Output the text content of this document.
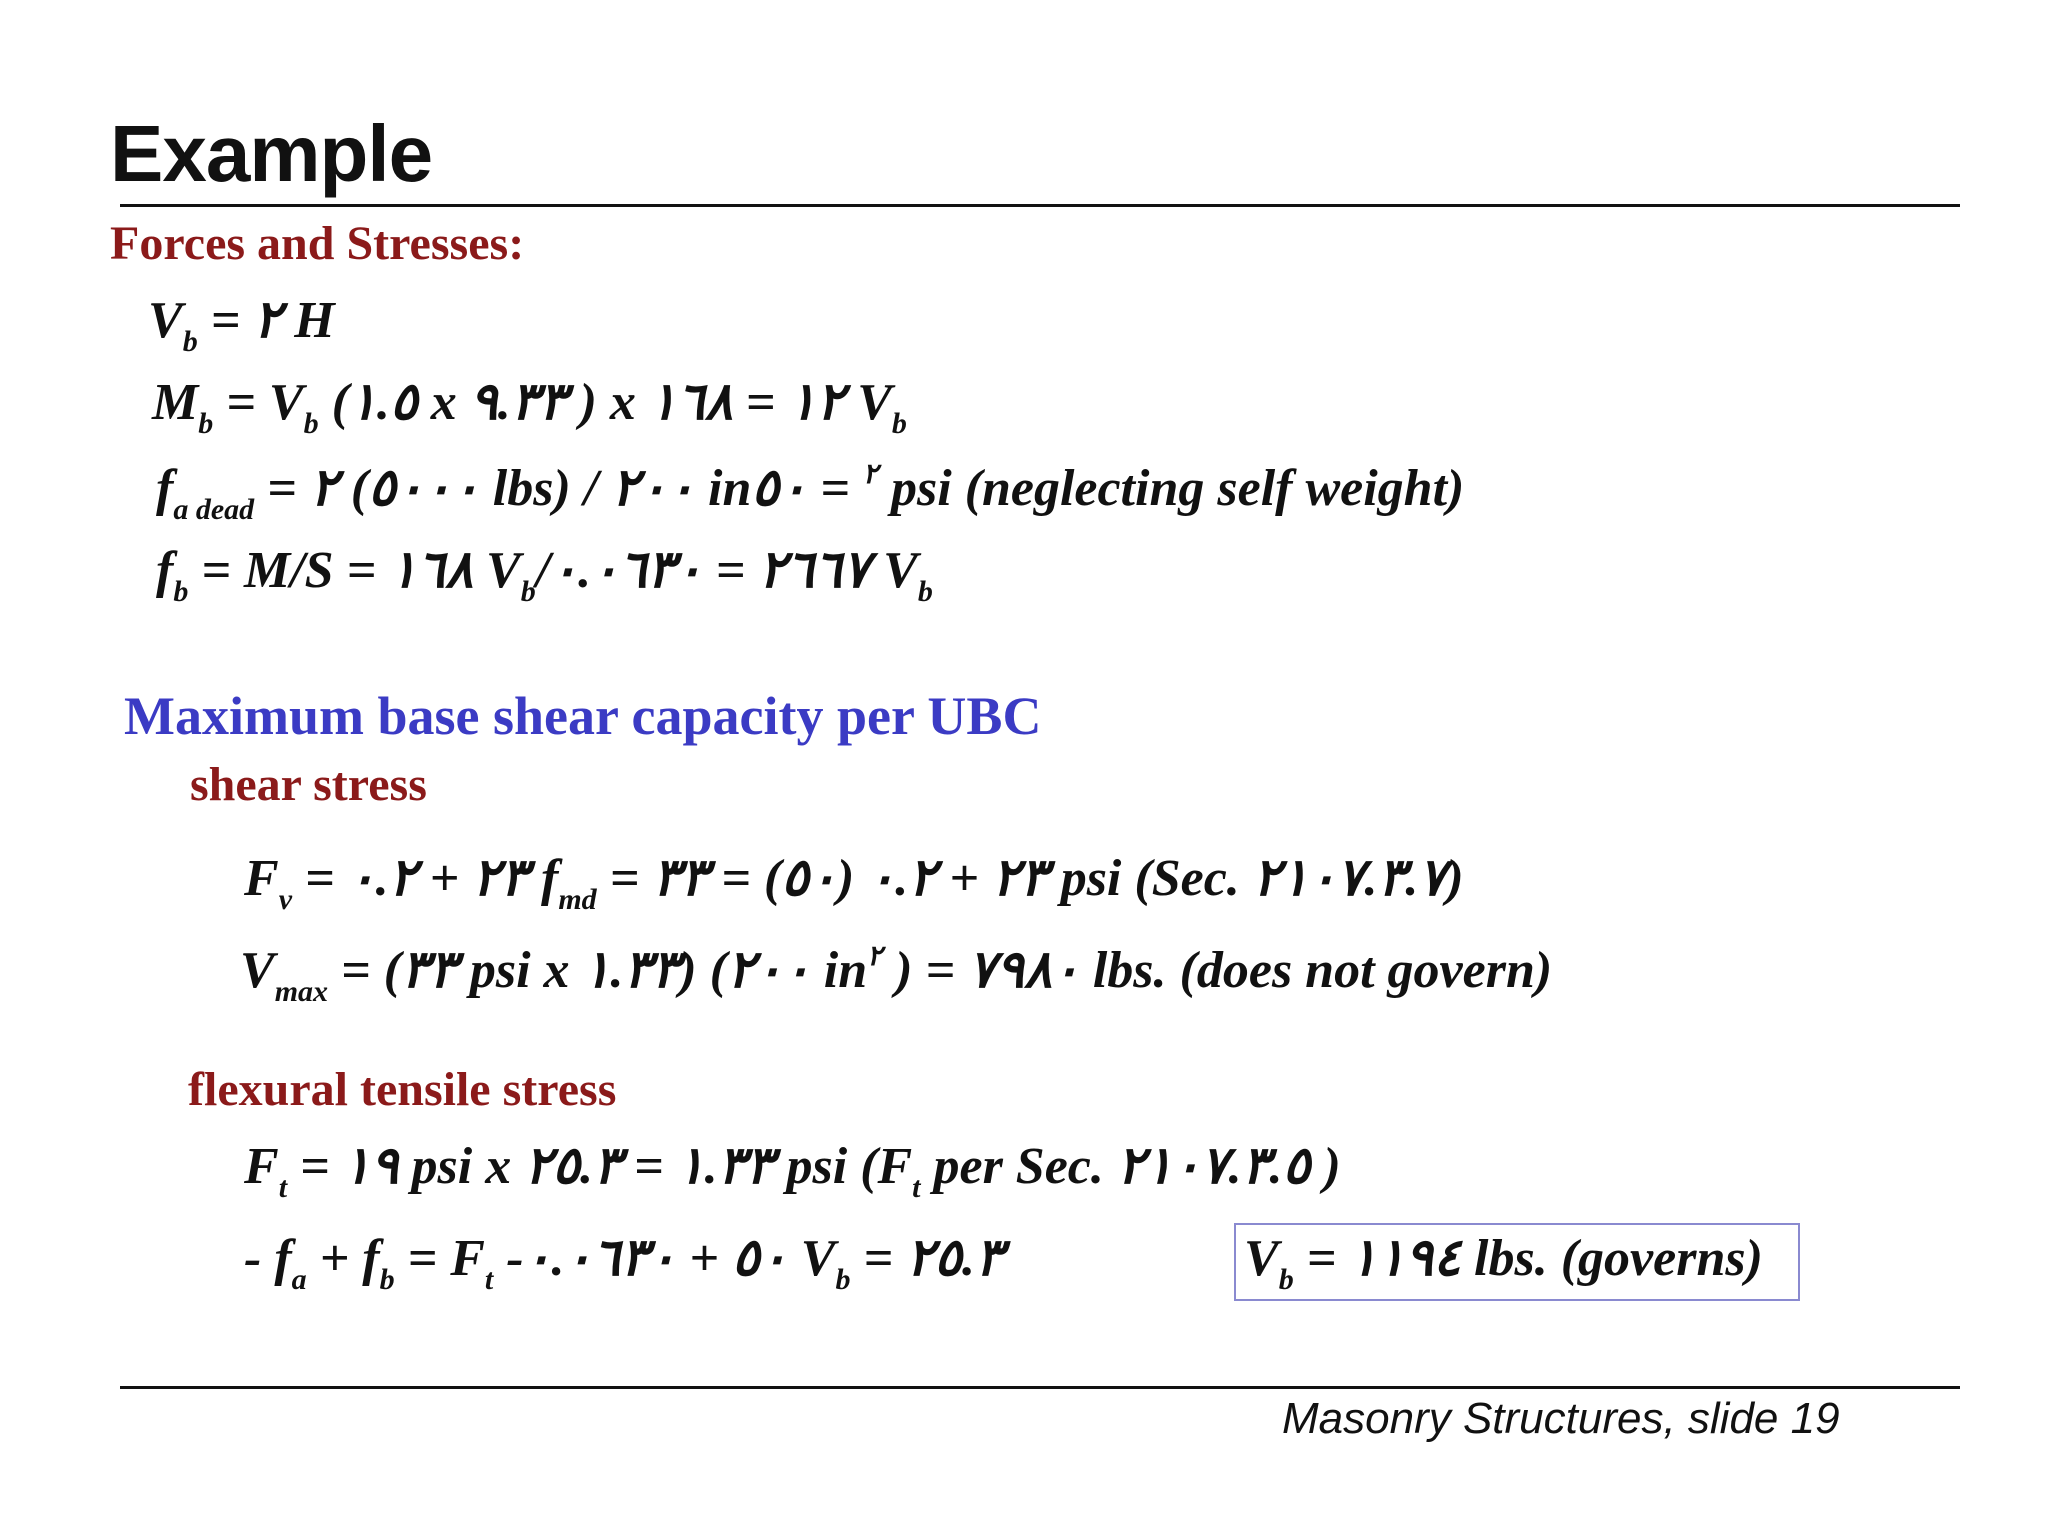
Example
Forces and Stresses:
$V_b$ = ٢ H
$M_b = V_b$ (١.٥ x ٩.٣٣ ) x ١٢ = ١٦٨ $V_b$
$f_{a dead}$ = ٢ (٥٠٠٠ lbs) / ٢٠٠ in	$^٢$ = ٥٠ psi (neglecting self weight)
$f_b = M/S$ = ١٦٨ $V_b/٢٦٦٧$ = ٠.٠٦٣٠ $V_b$
Maximum base shear capacity per UBC
shear stress
$F_v$ = ٢٣ + ٠.٢ $f_{md}$ = ٢٣ + ٠.٢ (٥٠) = ٣٣ psi (Sec. ٢١٠٧.٣.٧)
$V_{max}$ = (٣٣ psi x ١.٣٣) (٢٠٠ $in^٢$ ) = ٧٩٨٠ lbs. (does not govern)
flexural tensile stress
$F_t$ = ١٩ psi x ١.٣٣ = ٢٥.٣ psi ($F_t$ per Sec. ٢١٠٧.٣.٥ )
- $f_a + f_b = F_t$ -٥٠ + ٠.٠٦٣٠ $V_b$ = ٢٥.٣	$V_b$ = ١١٩٤ lbs. (governs)
Masonry Structures, slide 19
